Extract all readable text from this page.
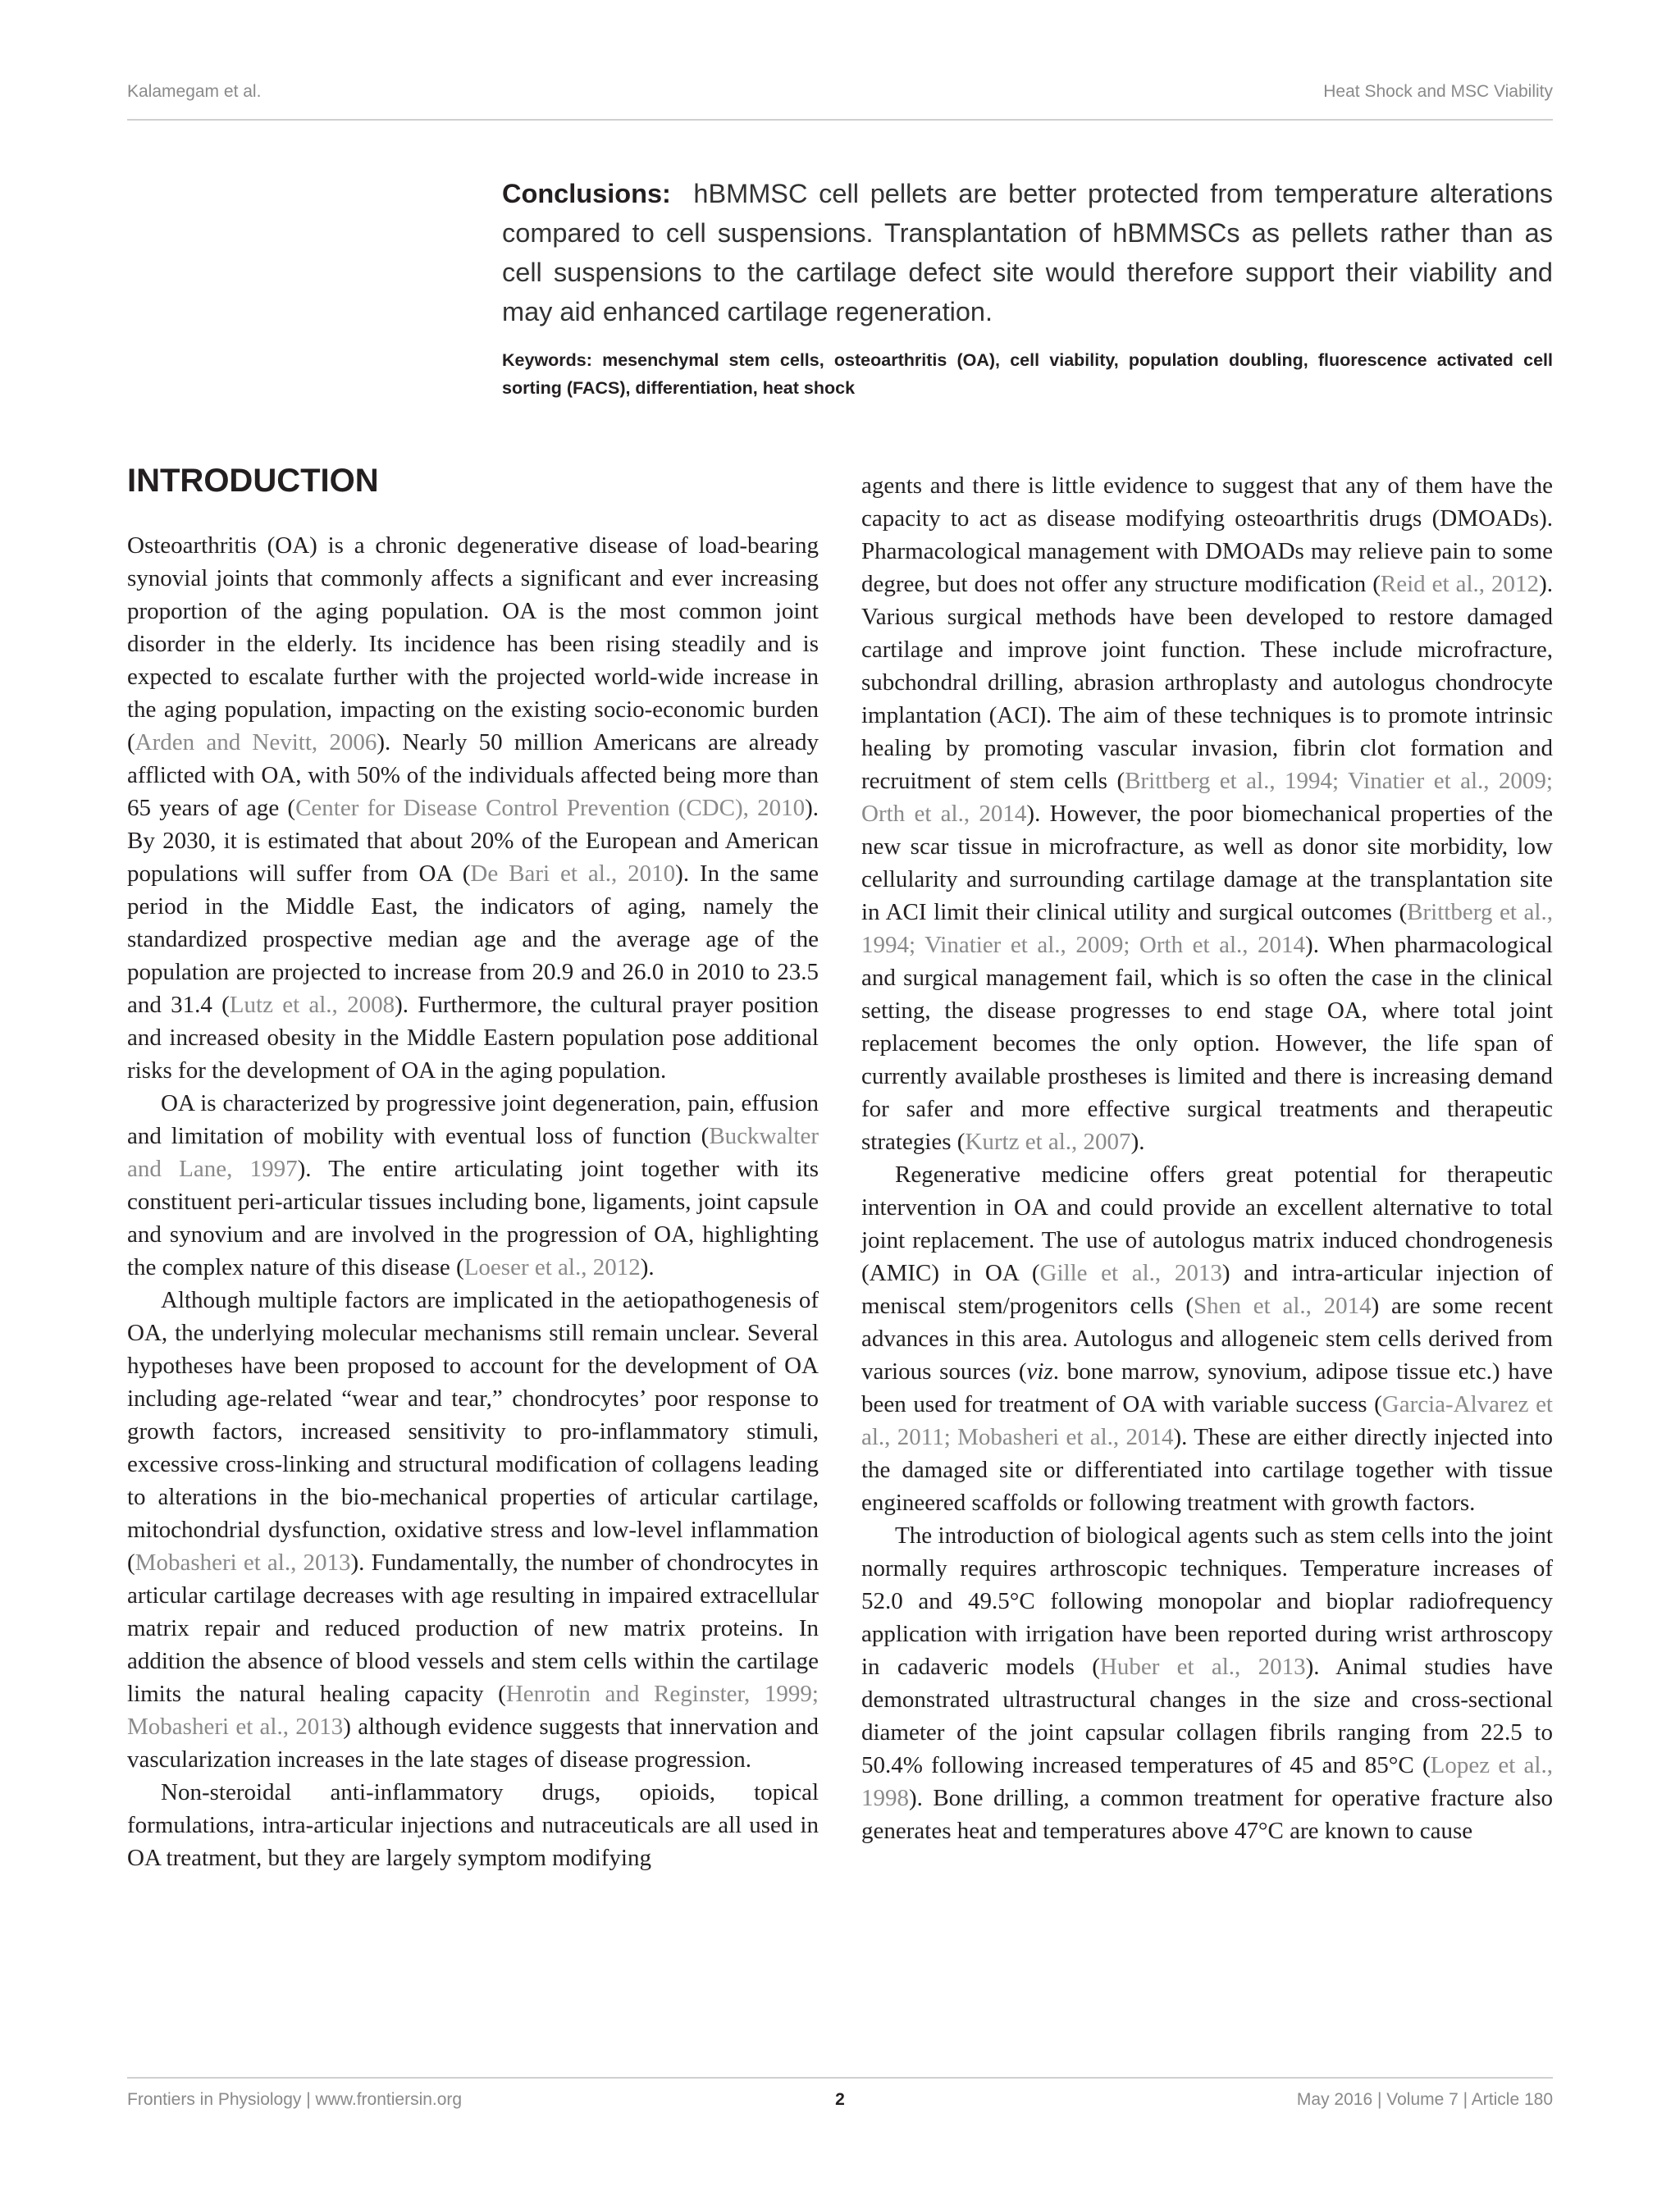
Kalamegam et al.	Heat Shock and MSC Viability

Conclusions: hBMMSC cell pellets are better protected from temperature alterations compared to cell suspensions. Transplantation of hBMMSCs as pellets rather than as cell suspensions to the cartilage defect site would therefore support their viability and may aid enhanced cartilage regeneration.

Keywords: mesenchymal stem cells, osteoarthritis (OA), cell viability, population doubling, fluorescence activated cell sorting (FACS), differentiation, heat shock

INTRODUCTION

Osteoarthritis (OA) is a chronic degenerative disease of load-bearing synovial joints that commonly affects a significant and ever increasing proportion of the aging population. OA is the most common joint disorder in the elderly. Its incidence has been rising steadily and is expected to escalate further with the projected world-wide increase in the aging population, impacting on the existing socio-economic burden (Arden and Nevitt, 2006). Nearly 50 million Americans are already afflicted with OA, with 50% of the individuals affected being more than 65 years of age (Center for Disease Control Prevention (CDC), 2010). By 2030, it is estimated that about 20% of the European and American populations will suffer from OA (De Bari et al., 2010). In the same period in the Middle East, the indicators of aging, namely the standardized prospective median age and the average age of the population are projected to increase from 20.9 and 26.0 in 2010 to 23.5 and 31.4 (Lutz et al., 2008). Furthermore, the cultural prayer position and increased obesity in the Middle Eastern population pose additional risks for the development of OA in the aging population.

OA is characterized by progressive joint degeneration, pain, effusion and limitation of mobility with eventual loss of function (Buckwalter and Lane, 1997). The entire articulating joint together with its constituent peri-articular tissues including bone, ligaments, joint capsule and synovium and are involved in the progression of OA, highlighting the complex nature of this disease (Loeser et al., 2012).

Although multiple factors are implicated in the aetiopathogenesis of OA, the underlying molecular mechanisms still remain unclear. Several hypotheses have been proposed to account for the development of OA including age-related “wear and tear,” chondrocytes’ poor response to growth factors, increased sensitivity to pro-inflammatory stimuli, excessive cross-linking and structural modification of collagens leading to alterations in the bio-mechanical properties of articular cartilage, mitochondrial dysfunction, oxidative stress and low-level inflammation (Mobasheri et al., 2013). Fundamentally, the number of chondrocytes in articular cartilage decreases with age resulting in impaired extracellular matrix repair and reduced production of new matrix proteins. In addition the absence of blood vessels and stem cells within the cartilage limits the natural healing capacity (Henrotin and Reginster, 1999; Mobasheri et al., 2013) although evidence suggests that innervation and vascularization increases in the late stages of disease progression.

Non-steroidal anti-inflammatory drugs, opioids, topical formulations, intra-articular injections and nutraceuticals are all used in OA treatment, but they are largely symptom modifying

agents and there is little evidence to suggest that any of them have the capacity to act as disease modifying osteoarthritis drugs (DMOADs). Pharmacological management with DMOADs may relieve pain to some degree, but does not offer any structure modification (Reid et al., 2012). Various surgical methods have been developed to restore damaged cartilage and improve joint function. These include microfracture, subchondral drilling, abrasion arthroplasty and autologus chondrocyte implantation (ACI). The aim of these techniques is to promote intrinsic healing by promoting vascular invasion, fibrin clot formation and recruitment of stem cells (Brittberg et al., 1994; Vinatier et al., 2009; Orth et al., 2014). However, the poor biomechanical properties of the new scar tissue in microfracture, as well as donor site morbidity, low cellularity and surrounding cartilage damage at the transplantation site in ACI limit their clinical utility and surgical outcomes (Brittberg et al., 1994; Vinatier et al., 2009; Orth et al., 2014). When pharmacological and surgical management fail, which is so often the case in the clinical setting, the disease progresses to end stage OA, where total joint replacement becomes the only option. However, the life span of currently available prostheses is limited and there is increasing demand for safer and more effective surgical treatments and therapeutic strategies (Kurtz et al., 2007).

Regenerative medicine offers great potential for therapeutic intervention in OA and could provide an excellent alternative to total joint replacement. The use of autologus matrix induced chondrogenesis (AMIC) in OA (Gille et al., 2013) and intra-articular injection of meniscal stem/progenitors cells (Shen et al., 2014) are some recent advances in this area. Autologus and allogeneic stem cells derived from various sources (viz. bone marrow, synovium, adipose tissue etc.) have been used for treatment of OA with variable success (Garcia-Alvarez et al., 2011; Mobasheri et al., 2014). These are either directly injected into the damaged site or differentiated into cartilage together with tissue engineered scaffolds or following treatment with growth factors.

The introduction of biological agents such as stem cells into the joint normally requires arthroscopic techniques. Temperature increases of 52.0 and 49.5°C following monopolar and bioplar radiofrequency application with irrigation have been reported during wrist arthroscopy in cadaveric models (Huber et al., 2013). Animal studies have demonstrated ultrastructural changes in the size and cross-sectional diameter of the joint capsular collagen fibrils ranging from 22.5 to 50.4% following increased temperatures of 45 and 85°C (Lopez et al., 1998). Bone drilling, a common treatment for operative fracture also generates heat and temperatures above 47°C are known to cause

Frontiers in Physiology | www.frontiersin.org	2	May 2016 | Volume 7 | Article 180
